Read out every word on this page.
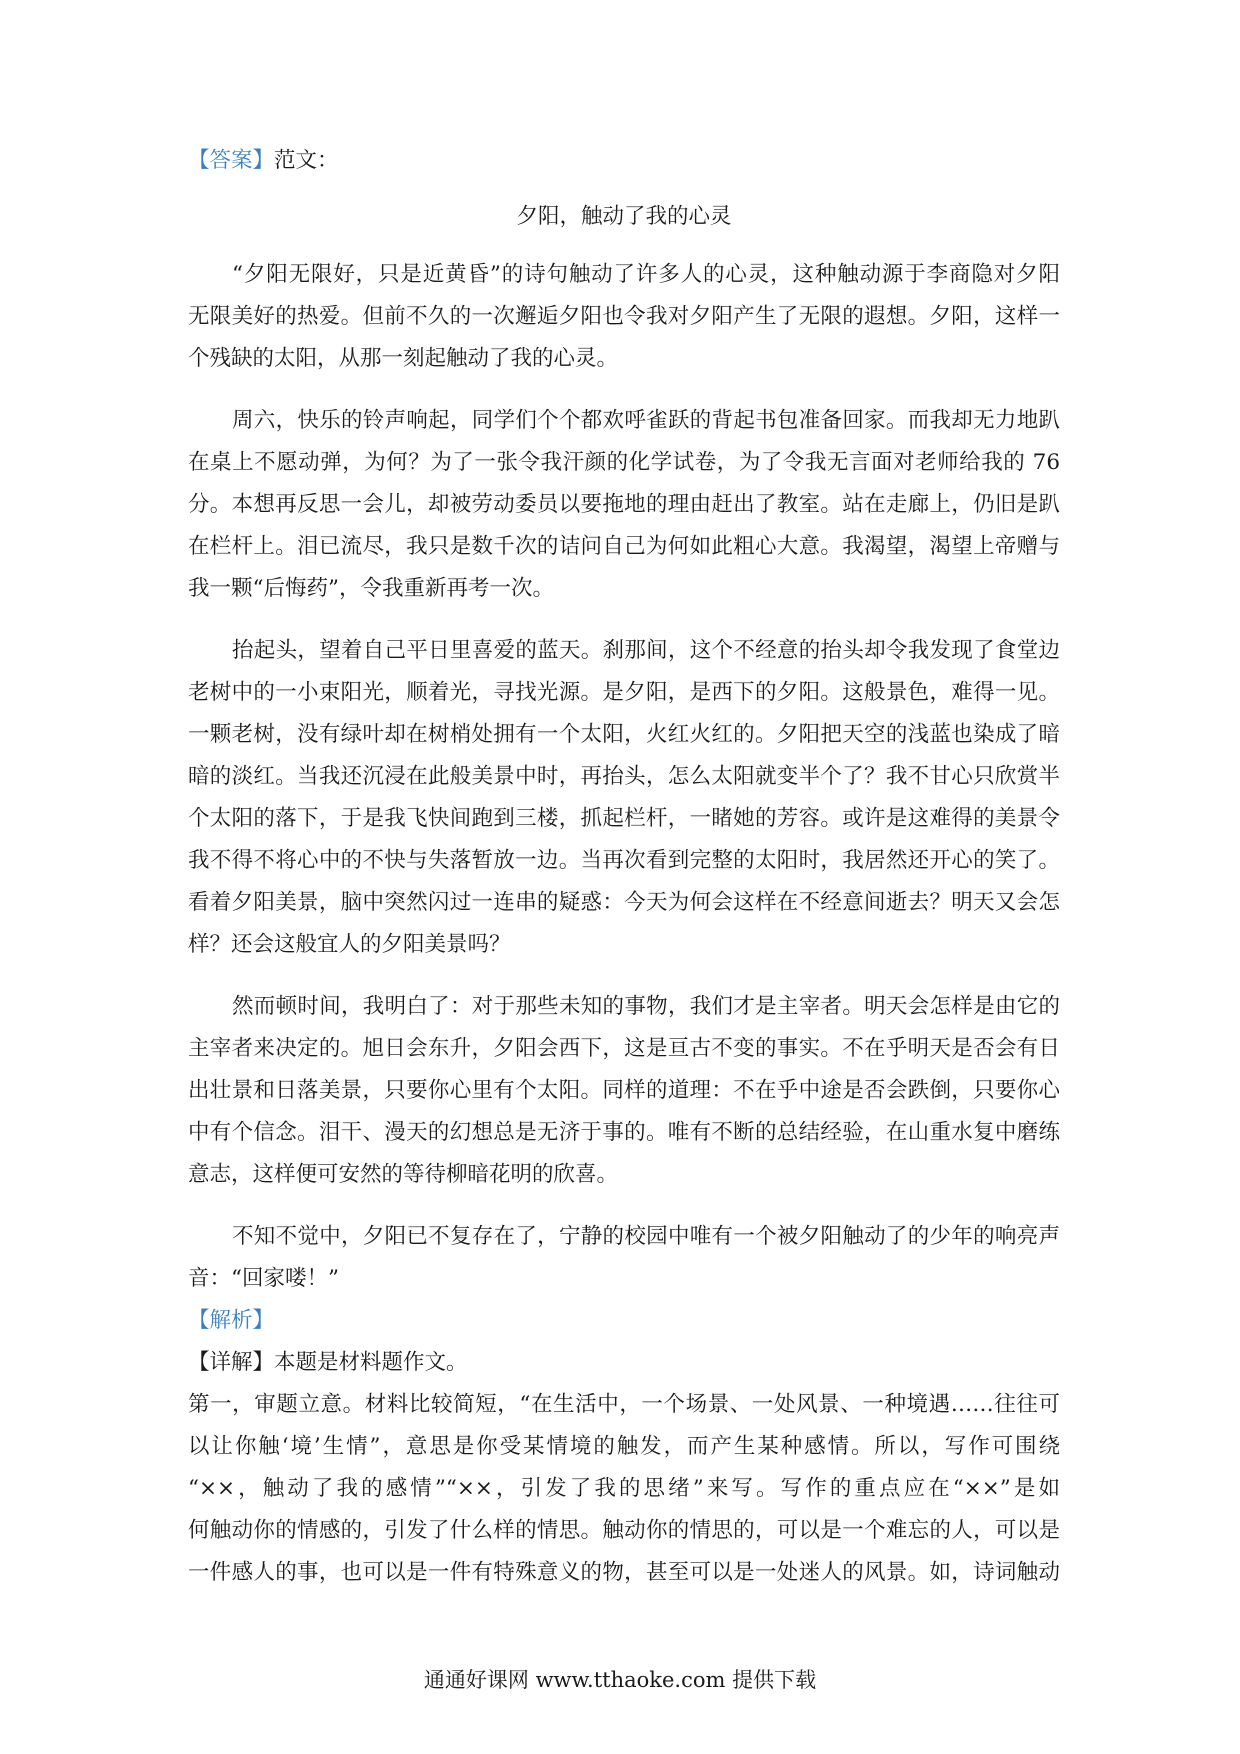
【答案】范文：
夕阳，触动了我的心灵
“夕阳无限好，只是近黄昏”的诗句触动了许多人的心灵，这种触动源于李商隐对夕阳
无限美好的热爱。但前不久的一次邂逅夕阳也令我对夕阳产生了无限的遐想。夕阳，这样一
个残缺的太阳，从那一刻起触动了我的心灵。
周六，快乐的铃声响起，同学们个个都欢呼雀跃的背起书包准备回家。而我却无力地趴
在桌上不愿动弹，为何？为了一张令我汗颜的化学试卷，为了令我无言面对老师给我的 76
分。本想再反思一会儿，却被劳动委员以要拖地的理由赶出了教室。站在走廊上，仍旧是趴
在栏杆上。泪已流尽，我只是数千次的诘问自己为何如此粗心大意。我渴望，渴望上帝赠与
我一颗“后悔药”，令我重新再考一次。
抬起头，望着自己平日里喜爱的蓝天。刹那间，这个不经意的抬头却令我发现了食堂边
老树中的一小束阳光，顺着光，寻找光源。是夕阳，是西下的夕阳。这般景色，难得一见。
一颗老树，没有绿叶却在树梢处拥有一个太阳，火红火红的。夕阳把天空的浅蓝也染成了暗
暗的淡红。当我还沉浸在此般美景中时，再抬头，怎么太阳就变半个了？我不甘心只欣赏半
个太阳的落下，于是我飞快间跑到三楼，抓起栏杆，一睹她的芳容。或许是这难得的美景令
我不得不将心中的不快与失落暂放一边。当再次看到完整的太阳时，我居然还开心的笑了。
看着夕阳美景，脑中突然闪过一连串的疑惑：今天为何会这样在不经意间逝去？明天又会怎
样？还会这般宜人的夕阳美景吗？
然而顿时间，我明白了：对于那些未知的事物，我们才是主宰者。明天会怎样是由它的
主宰者来决定的。旭日会东升，夕阳会西下，这是亘古不变的事实。不在乎明天是否会有日
出壮景和日落美景，只要你心里有个太阳。同样的道理：不在乎中途是否会跌倒，只要你心
中有个信念。泪干、漫天的幻想总是无济于事的。唯有不断的总结经验，在山重水复中磨练
意志，这样便可安然的等待柳暗花明的欣喜。
不知不觉中，夕阳已不复存在了，宁静的校园中唯有一个被夕阳触动了的少年的响亮声
音：“回家喽！”
【解析】
【详解】本题是材料题作文。
第一，审题立意。材料比较简短，“在生活中，一个场景、一处风景、一种境遇……往往可
以让你触‘境’生情”，意思是你受某情境的触发，而产生某种感情。所以，写作可围绕
“××，触动了我的感情”“××，引发了我的思绪”来写。写作的重点应在“××”是如
何触动你的情感的，引发了什么样的情思。触动你的情思的，可以是一个难忘的人，可以是
一件感人的事，也可以是一件有特殊意义的物，甚至可以是一处迷人的风景。如，诗词触动
通通好课网 www.tthaoke.com 提供下载
